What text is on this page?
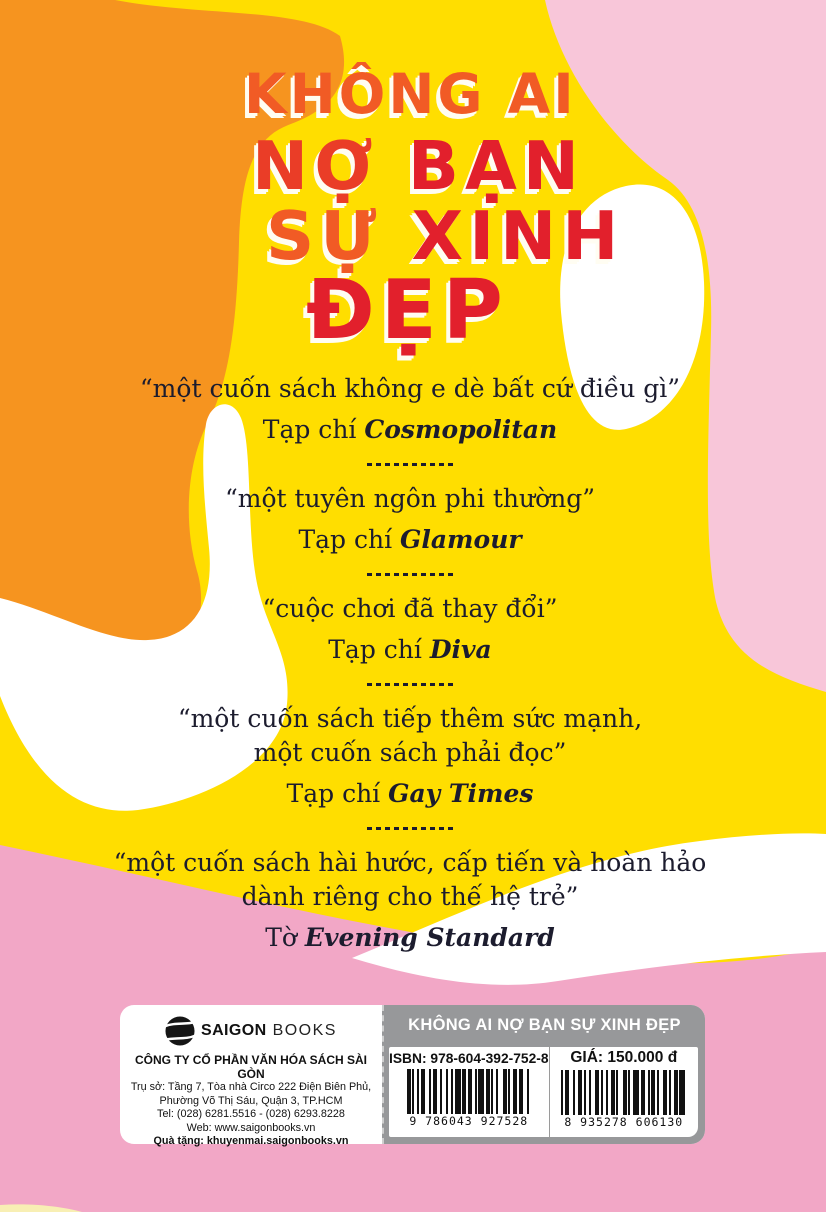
KHÔNG AI
NỢ BẠN
SỰ XINH
ĐẸP
“một cuốn sách không e dè bất cứ điều gì”
Tạp chí Cosmopolitan
“một tuyên ngôn phi thường”
Tạp chí Glamour
“cuộc chơi đã thay đổi”
Tạp chí Diva
“một cuốn sách tiếp thêm sức mạnh,
một cuốn sách phải đọc”
Tạp chí Gay Times
“một cuốn sách hài hước, cấp tiến và hoàn hảo
dành riêng cho thế hệ trẻ”
Tờ Evening Standard
SAIGON BOOKS
CÔNG TY CỔ PHẦN VĂN HÓA SÁCH SÀI GÒN
Trụ sở: Tầng 7, Tòa nhà Circo 222 Điện Biên Phủ,
Phường Võ Thị Sáu, Quận 3, TP.HCM
Tel: (028) 6281.5516 - (028) 6293.8228
Web: www.saigonbooks.vn
Quà tặng: khuyenmai.saigonbooks.vn
KHÔNG AI NỢ BẠN SỰ XINH ĐẸP
ISBN: 978-604-392-752-8
9 786043 927528
GIÁ: 150.000 đ
8 935278 606130
